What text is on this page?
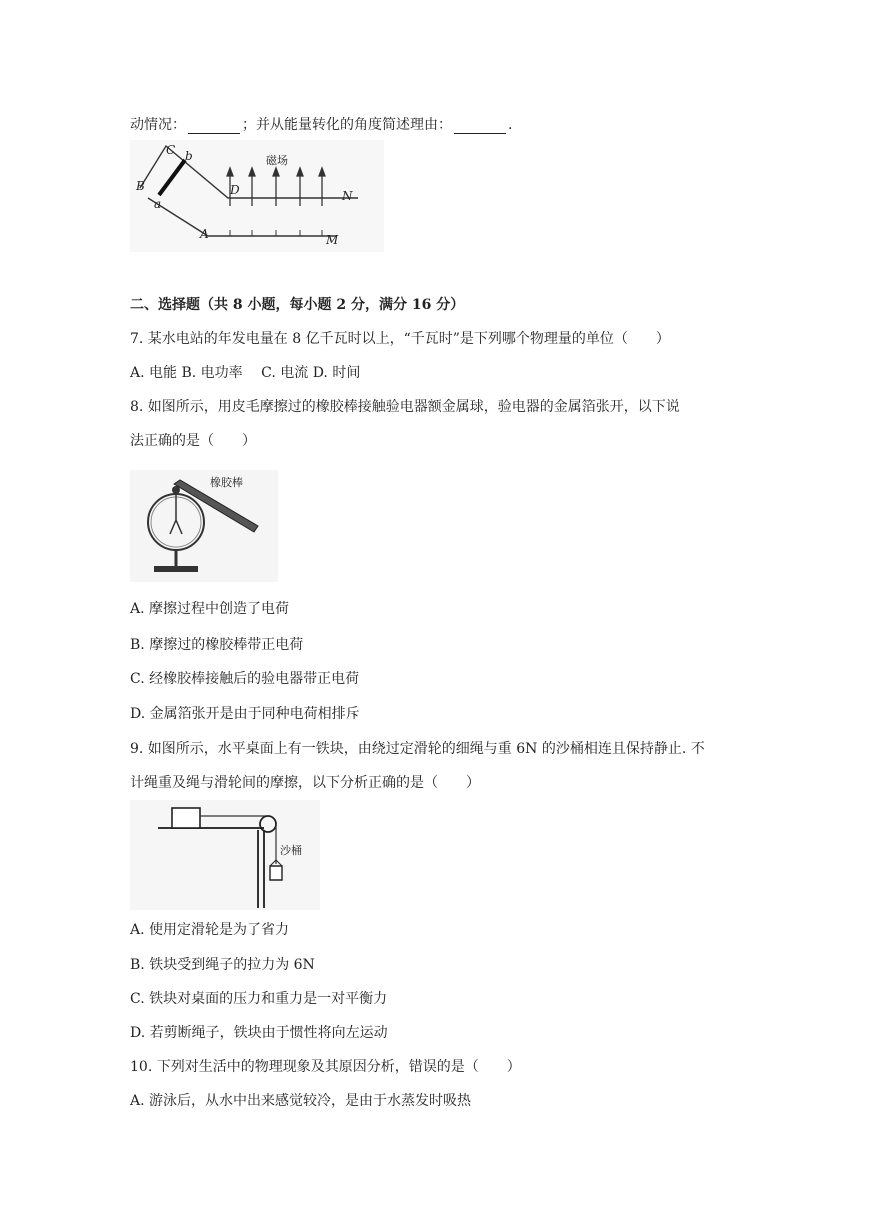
动情况：	；并从能量转化的角度简述理由：	.
C b
B
a
D	N
A	M
磁场
二、选择题（共 8 小题，每小题 2 分，满分 16 分）
7. 某水电站的年发电量在 8 亿千瓦时以上，“千瓦时”是下列哪个物理量的单位（　　）
A. 电能 B. 电功率 C. 电流 D. 时间
8. 如图所示，用皮毛摩擦过的橡胶棒接触验电器额金属球，验电器的金属箔张开，以下说
法正确的是（　　）
橡胶棒
A. 摩擦过程中创造了电荷
B. 摩擦过的橡胶棒带正电荷
C. 经橡胶棒接触后的验电器带正电荷
D. 金属箔张开是由于同种电荷相排斥
9. 如图所示，水平桌面上有一铁块，由绕过定滑轮的细绳与重 6N 的沙桶相连且保持静止. 不
计绳重及绳与滑轮间的摩擦，以下分析正确的是（　　）
沙桶
A. 使用定滑轮是为了省力
B. 铁块受到绳子的拉力为 6N
C. 铁块对桌面的压力和重力是一对平衡力
D. 若剪断绳子，铁块由于惯性将向左运动
10. 下列对生活中的物理现象及其原因分析，错误的是（　　）
A. 游泳后，从水中出来感觉较冷，是由于水蒸发时吸热
